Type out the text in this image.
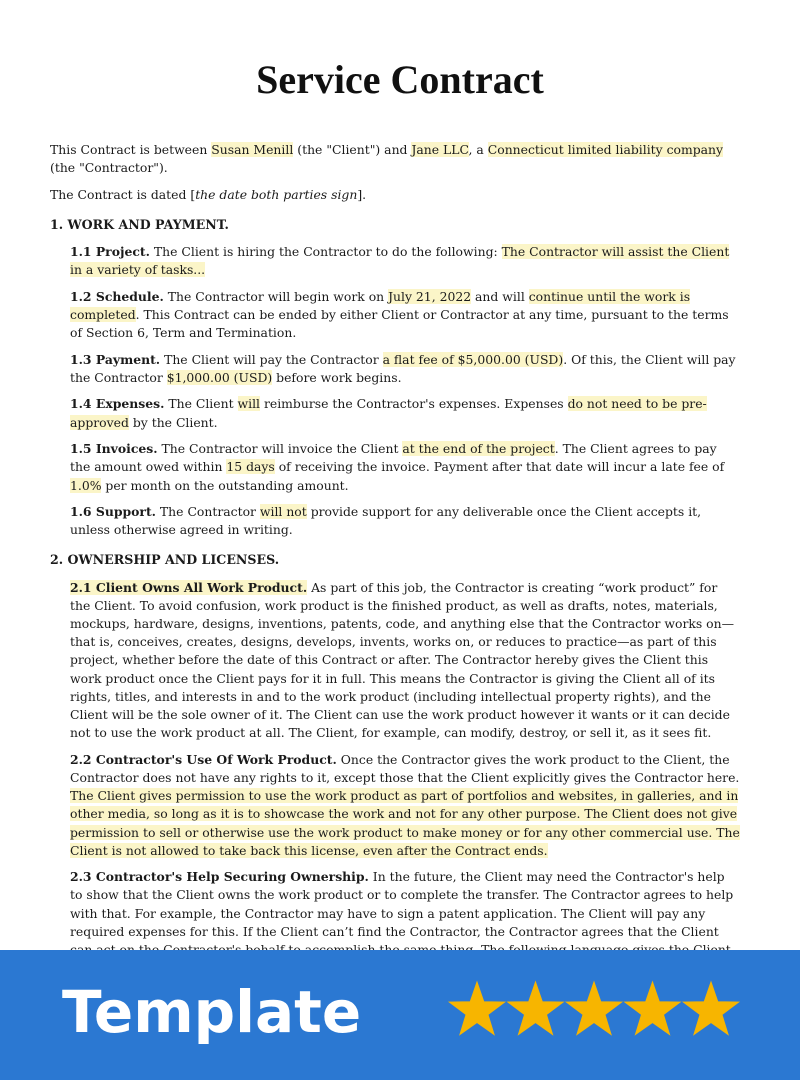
Service Contract

This Contract is between Susan Menill (the "Client") and Jane LLC, a Connecticut limited liability company (the "Contractor").

The Contract is dated [the date both parties sign].

1. WORK AND PAYMENT.

1.1 Project. The Client is hiring the Contractor to do the following: The Contractor will assist the Client in a variety of tasks...

1.2 Schedule. The Contractor will begin work on July 21, 2022 and will continue until the work is completed. This Contract can be ended by either Client or Contractor at any time, pursuant to the terms of Section 6, Term and Termination.

1.3 Payment. The Client will pay the Contractor a flat fee of $5,000.00 (USD). Of this, the Client will pay the Contractor $1,000.00 (USD) before work begins.

1.4 Expenses. The Client will reimburse the Contractor's expenses. Expenses do not need to be pre-approved by the Client.

1.5 Invoices. The Contractor will invoice the Client at the end of the project. The Client agrees to pay the amount owed within 15 days of receiving the invoice. Payment after that date will incur a late fee of 1.0% per month on the outstanding amount.

1.6 Support. The Contractor will not provide support for any deliverable once the Client accepts it, unless otherwise agreed in writing.

2. OWNERSHIP AND LICENSES.

2.1 Client Owns All Work Product. As part of this job, the Contractor is creating “work product” for the Client. To avoid confusion, work product is the finished product, as well as drafts, notes, materials, mockups, hardware, designs, inventions, patents, code, and anything else that the Contractor works on—that is, conceives, creates, designs, develops, invents, works on, or reduces to practice—as part of this project, whether before the date of this Contract or after. The Contractor hereby gives the Client this work product once the Client pays for it in full. This means the Contractor is giving the Client all of its rights, titles, and interests in and to the work product (including intellectual property rights), and the Client will be the sole owner of it. The Client can use the work product however it wants or it can decide not to use the work product at all. The Client, for example, can modify, destroy, or sell it, as it sees fit.

2.2 Contractor's Use Of Work Product. Once the Contractor gives the work product to the Client, the Contractor does not have any rights to it, except those that the Client explicitly gives the Contractor here. The Client gives permission to use the work product as part of portfolios and websites, in galleries, and in other media, so long as it is to showcase the work and not for any other purpose. The Client does not give permission to sell or otherwise use the work product to make money or for any other commercial use. The Client is not allowed to take back this license, even after the Contract ends.

2.3 Contractor's Help Securing Ownership. In the future, the Client may need the Contractor's help to show that the Client owns the work product or to complete the transfer. The Contractor agrees to help with that. For example, the Contractor may have to sign a patent application. The Client will pay any required expenses for this. If the Client can’t find the Contractor, the Contractor agrees that the Client

Template
